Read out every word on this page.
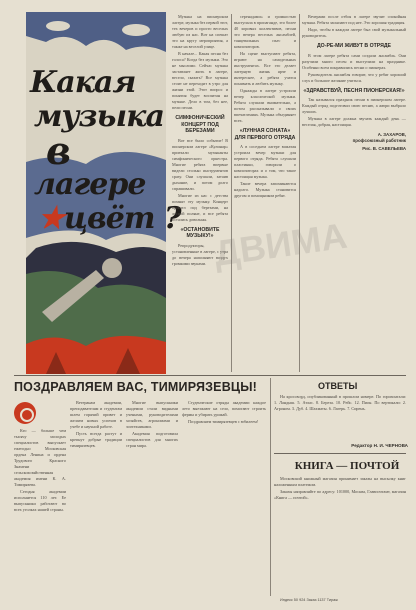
Какая
музыка
в
лагере
★цвёт ?

Музыка на пионерском лагере, музыка без первой этот, тех вечеров и просто веселых любую из нас. Вот на спешат это на кругу мероприятия, а также на веселой улице.

В начале... Какая песня без голоса? Когда без музыки. Это не мыслимо. Сейчас музыка заставляет жить в лагере, весело, сказать? Все музыка стоит не переходит в утро для жизни этой. Этот вопрос и понятия будет воспитан на музыке. Дело в том, без нее, пели песни.

СИМФОНИЧЕСКИЙ КОНЦЕРТ ПОД БЕРЕЗАМИ

Вот все было событие! В пионерском лагере «Кулинар» приехали музыканты симфонического оркестра. Многие ребята впервые видели столько инструментов сразу. Они слушали, затаив дыхание, и потом долго спрашивали.

Многие из нас с детства помнят эту музыку. Концерт прошел под березами, на лесной поляне, и все ребята остались довольны.

«ОСТАНОВИТЕ МУЗЫКУ!»

Репродукторы, установленные в лагере, с утра до вечера наполняют воздух громкими звуками.

серенадами» и громкостью выступала в пропаганде, это более 40 хоровых коллективов, песни это вечера веселых ансамблей, танцевальных пьес и композиторов.

На сцене выступают ребята, играют на самодельных инструментах. Все это делает лагерную жизнь ярче и интереснее, а ребята учатся понимать и любить музыку.

Однажды в лагере устроили вечер классической музыки. Ребята слушали внимательно, а потом рассказывали о своих впечатлениях. Музыка объединяет всех.

«ЛУННАЯ СОНАТА» ДЛЯ ПЕРВОГО ОТРЯДА

А в соседнем лагере вожатая устроила вечер музыки для первого отряда. Ребята слушали пластинки, говорили о композиторах и о том, что такое настоящая музыка.

Такие вечера запоминаются надолго. Музыка становится другом и помощником ребят.

Вечерами после отбоя в лагере звучит спокойная музыка. Ребята засыпают под нее. Это хорошая традиция.

Надо, чтобы в каждом лагере был свой музыкальный руководитель.

ДО-РЕ-МИ ЖИВУТ В ОТРЯДЕ

В этом лагере ребята сами создали ансамбль. Они разучили много песен и выступили на празднике. Особенно всем понравились песни о пионерах.

Руководитель ансамбля говорит, что у ребят хороший слух и большое желание учиться.

«ЗДРАВСТВУЙ, ПЕСНЯ ПИОНЕРСКАЯ!»

Так назывался праздник песни в пионерском лагере. Каждый отряд подготовил свою песню, а жюри выбрало лучших.

Музыка в лагере должна звучать каждый день — веселая, добрая, настоящая.

А. ЗАХАРОВ,
профсоюзный работник
Рис. В. САВЕЛЬЕВА
ДВИМА
ПОЗДРАВЛЯЕМ ВАС, ТИМИРЯЗЕВЦЫ!

Кто — больше чем тысячу молодых специалистов выпускает ежегодно Московская ордена Ленина и ордена Трудового Красного Знамени сельскохозяйственная академия имени К. А. Тимирязева.

Сегодня академии исполняется 110 лет. Ее выпускники работают во всех уголках нашей страны.

Ветеранам академии, преподавателям и студентам шлем горячий привет и желаем новых успехов в учебе и научной работе.

Пусть всегда растут и крепнут добрые традиции тимирязевцев.

Многие выпускники академии стали видными учеными, руководителями хозяйств, агрономами и зоотехниками.

Академия подготовила специалистов для многих стран мира.

Студенческие отряды академии каждое лето выезжают на село, помогают строить фермы и убирать урожай.

Поздравляем тимирязевцев с юбилеем!

ОТВЕТЫ

На кроссворд, опубликованный в прошлом номере. По горизонтали: 1. Ландыш. 5. Атлас. 8. Береза. 10. Рейс. 12. Пион. По вертикали: 2. Агроном. 3. Дуб. 4. Шахматы. 6. Лагерь. 7. Сирень.

Редактор Н. И. ЧЕРНОВА
КНИГА — ПОЧТОЙ

Московский книжный магазин принимает заказы на высылку книг наложенным платежом.

Заказы направляйте по адресу: 101000, Москва, Главпочтамт, магазин «Книга — почтой».

Индекс 50 924 Заказ 1137 Тираж
